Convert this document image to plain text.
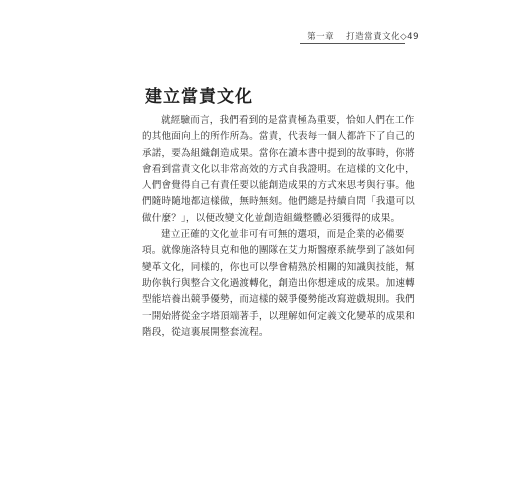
第一章 打造當責文化◇49
建立當責文化
就經驗而言，我們看到的是當責極為重要，恰如人們在工作
的其他面向上的所作所為。當責，代表每一個人都許下了自己的
承諾，要為組織創造成果。當你在讀本書中提到的故事時，你將
會看到當責文化以非常高效的方式自我證明。在這樣的文化中，
人們會覺得自己有責任要以能創造成果的方式來思考與行事。他
們隨時隨地都這樣做，無時無刻。他們總是持續自問「我還可以
做什麼？」，以便改變文化並創造組織整體必須獲得的成果。
建立正確的文化並非可有可無的選項，而是企業的必備要
項。就像施洛特貝克和他的團隊在艾力斯醫療系統學到了該如何
變革文化，同樣的，你也可以學會精熟於相關的知識與技能，幫
助你執行與整合文化過渡轉化，創造出你想達成的成果。加速轉
型能培養出競爭優勢，而這樣的競爭優勢能改寫遊戲規則。我們
一開始將從金字塔頂端著手，以理解如何定義文化變革的成果和
階段，從這裏展開整套流程。
